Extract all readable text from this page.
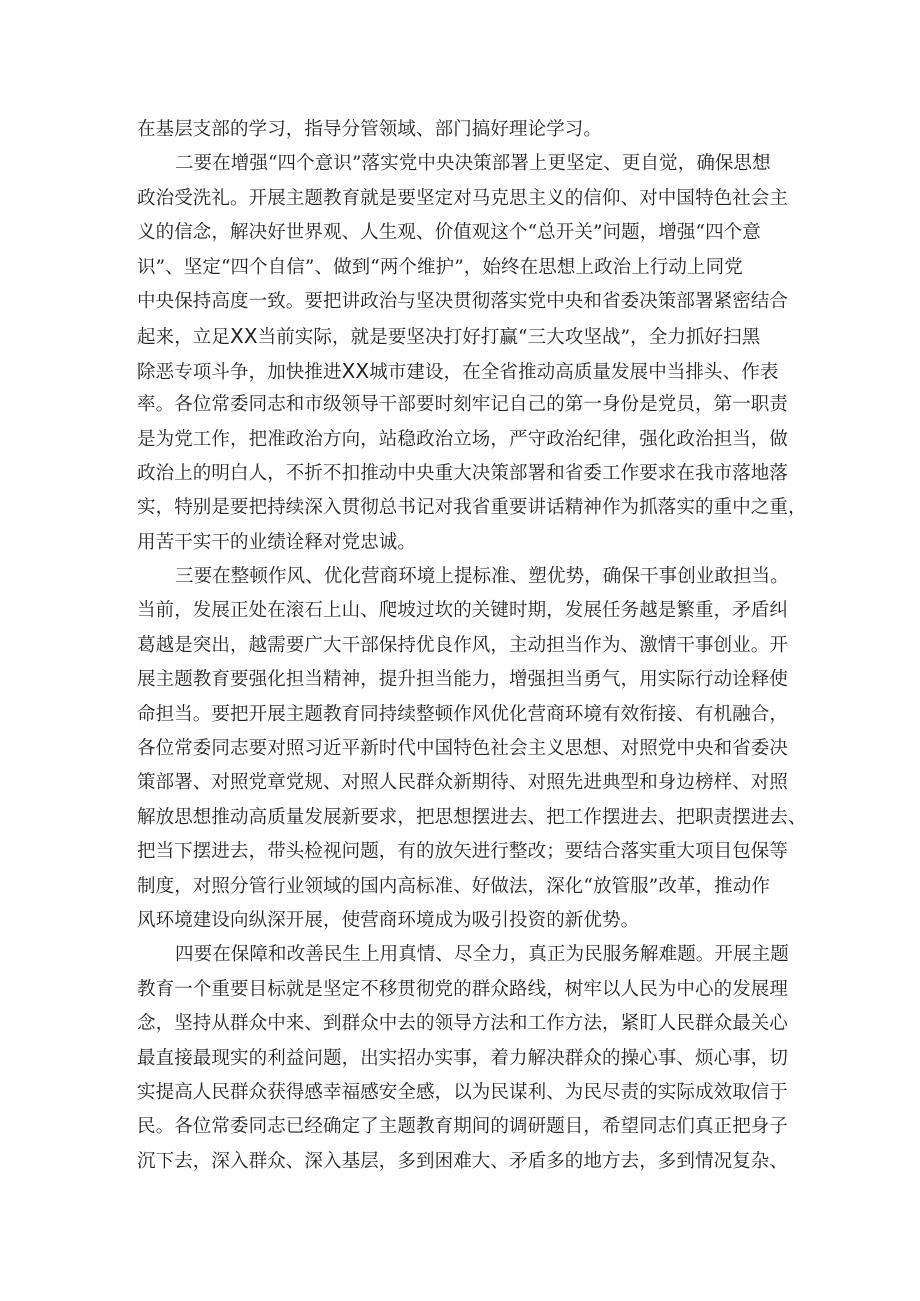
在基层支部的学习，指导分管领域、部门搞好理论学习。
二要在增强“四个意识”落实党中央决策部署上更坚定、更自觉，确保思想
政治受洗礼。开展主题教育就是要坚定对马克思主义的信仰、对中国特色社会主
义的信念，解决好世界观、人生观、价值观这个“总开关”问题，增强“四个意
识”、坚定“四个自信”、做到“两个维护”，始终在思想上政治上行动上同党
中央保持高度一致。要把讲政治与坚决贯彻落实党中央和省委决策部署紧密结合
起来，立足XX当前实际，就是要坚决打好打赢“三大攻坚战”，全力抓好扫黑
除恶专项斗争，加快推进XX城市建设，在全省推动高质量发展中当排头、作表
率。各位常委同志和市级领导干部要时刻牢记自己的第一身份是党员，第一职责
是为党工作，把准政治方向，站稳政治立场，严守政治纪律，强化政治担当，做
政治上的明白人，不折不扣推动中央重大决策部署和省委工作要求在我市落地落
实，特别是要把持续深入贯彻总书记对我省重要讲话精神作为抓落实的重中之重，
用苦干实干的业绩诠释对党忠诚。
三要在整顿作风、优化营商环境上提标准、塑优势，确保干事创业敢担当。
当前，发展正处在滚石上山、爬坡过坎的关键时期，发展任务越是繁重，矛盾纠
葛越是突出，越需要广大干部保持优良作风，主动担当作为、激情干事创业。开
展主题教育要强化担当精神，提升担当能力，增强担当勇气，用实际行动诠释使
命担当。要把开展主题教育同持续整顿作风优化营商环境有效衔接、有机融合，
各位常委同志要对照习近平新时代中国特色社会主义思想、对照党中央和省委决
策部署、对照党章党规、对照人民群众新期待、对照先进典型和身边榜样、对照
解放思想推动高质量发展新要求，把思想摆进去、把工作摆进去、把职责摆进去、
把当下摆进去，带头检视问题，有的放矢进行整改；要结合落实重大项目包保等
制度，对照分管行业领域的国内高标准、好做法，深化“放管服”改革，推动作
风环境建设向纵深开展，使营商环境成为吸引投资的新优势。
四要在保障和改善民生上用真情、尽全力，真正为民服务解难题。开展主题
教育一个重要目标就是坚定不移贯彻党的群众路线，树牢以人民为中心的发展理
念，坚持从群众中来、到群众中去的领导方法和工作方法，紧盯人民群众最关心
最直接最现实的利益问题，出实招办实事，着力解决群众的操心事、烦心事，切
实提高人民群众获得感幸福感安全感，以为民谋利、为民尽责的实际成效取信于
民。各位常委同志已经确定了主题教育期间的调研题目，希望同志们真正把身子
沉下去，深入群众、深入基层，多到困难大、矛盾多的地方去，多到情况复杂、
